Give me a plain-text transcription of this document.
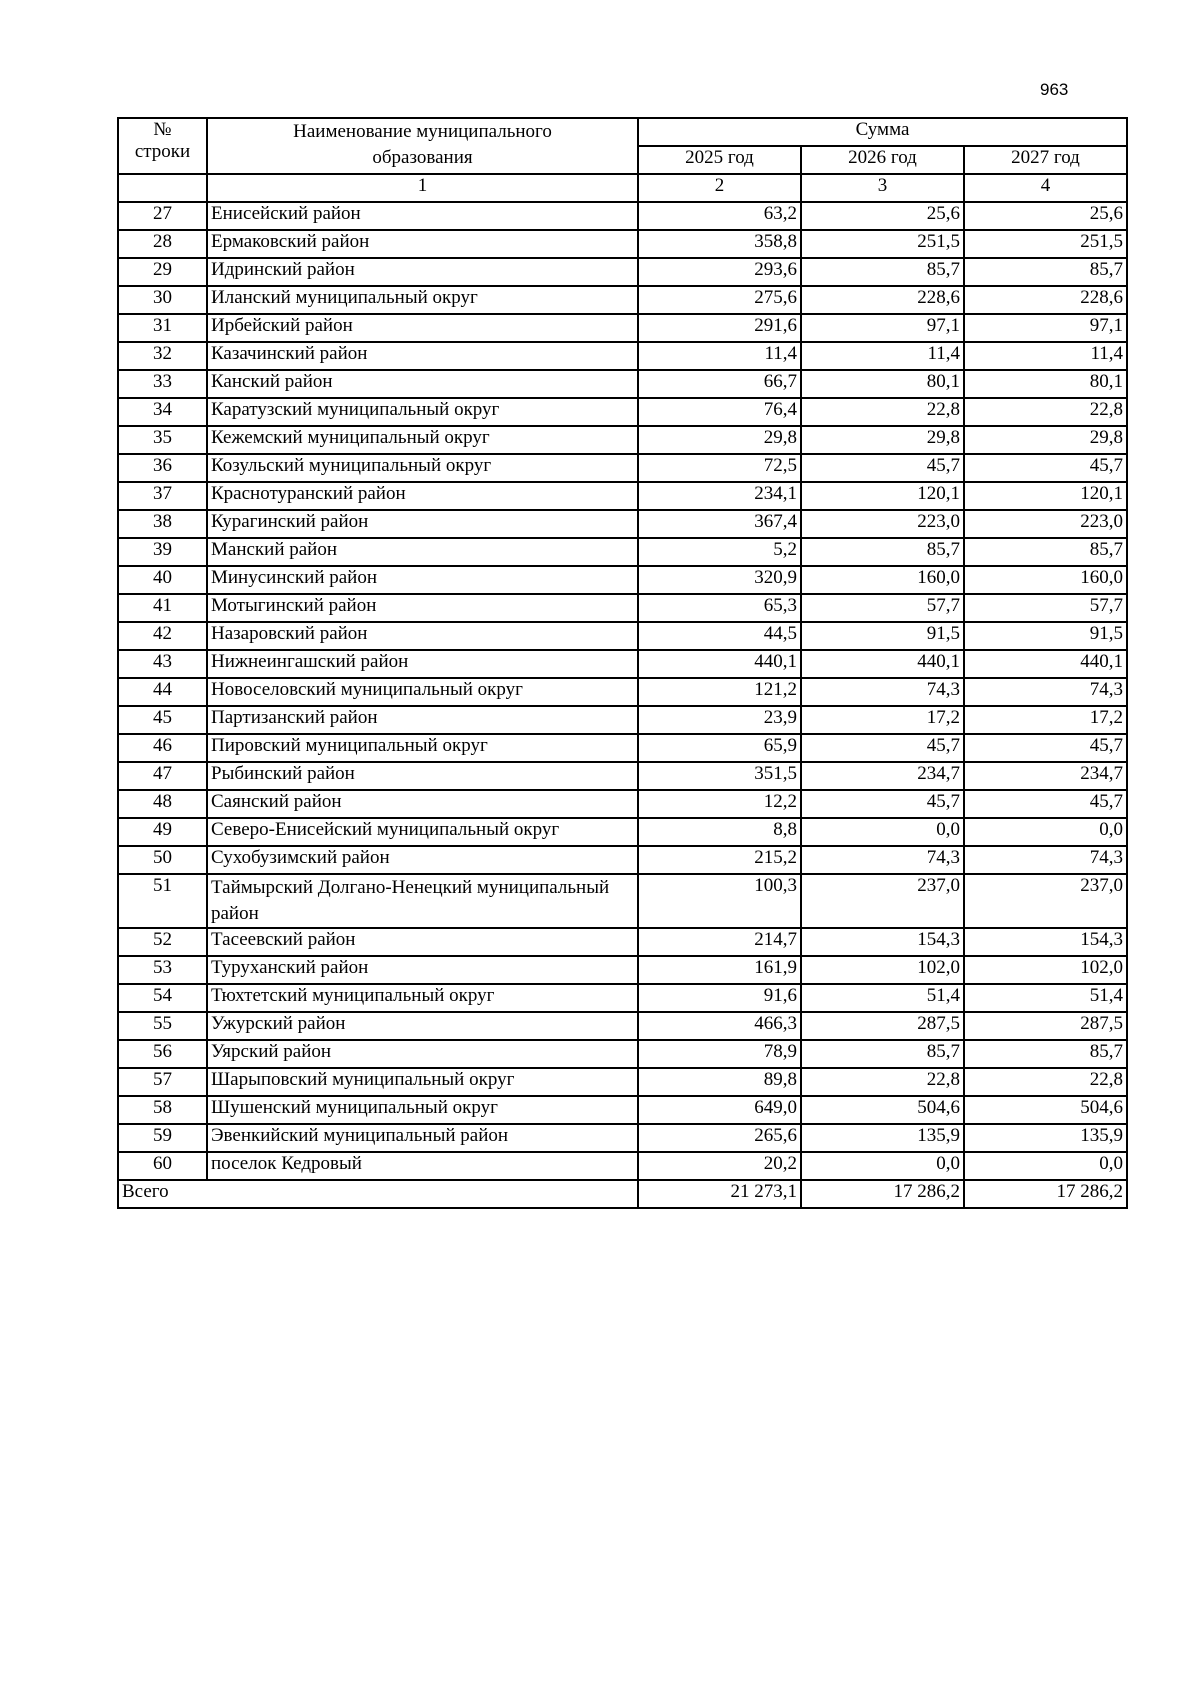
963
№
строки	Наименование муниципального образования	Сумма		
		2025 год	2026 год	2027 год
	1	2	3	4
27	Енисейский район	63,2	25,6	25,6
28	Ермаковский район	358,8	251,5	251,5
29	Идринский район	293,6	85,7	85,7
30	Иланский муниципальный округ	275,6	228,6	228,6
31	Ирбейский район	291,6	97,1	97,1
32	Казачинский район	11,4	11,4	11,4
33	Канский район	66,7	80,1	80,1
34	Каратузский муниципальный округ	76,4	22,8	22,8
35	Кежемский муниципальный округ	29,8	29,8	29,8
36	Козульский муниципальный округ	72,5	45,7	45,7
37	Краснотуранский район	234,1	120,1	120,1
38	Курагинский район	367,4	223,0	223,0
39	Манский район	5,2	85,7	85,7
40	Минусинский район	320,9	160,0	160,0
41	Мотыгинский район	65,3	57,7	57,7
42	Назаровский район	44,5	91,5	91,5
43	Нижнеингашский район	440,1	440,1	440,1
44	Новоселовский муниципальный округ	121,2	74,3	74,3
45	Партизанский район	23,9	17,2	17,2
46	Пировский муниципальный округ	65,9	45,7	45,7
47	Рыбинский район	351,5	234,7	234,7
48	Саянский район	12,2	45,7	45,7
49	Северо-Енисейский муниципальный округ	8,8	0,0	0,0
50	Сухобузимский район	215,2	74,3	74,3
51	Таймырский Долгано-Ненецкий муниципальный район	100,3	237,0	237,0
52	Тасеевский район	214,7	154,3	154,3
53	Туруханский район	161,9	102,0	102,0
54	Тюхтетский муниципальный округ	91,6	51,4	51,4
55	Ужурский район	466,3	287,5	287,5
56	Уярский район	78,9	85,7	85,7
57	Шарыповский муниципальный округ	89,8	22,8	22,8
58	Шушенский муниципальный округ	649,0	504,6	504,6
59	Эвенкийский муниципальный район	265,6	135,9	135,9
60	поселок Кедровый	20,2	0,0	0,0
Всего		21 273,1	17 286,2	17 286,2
